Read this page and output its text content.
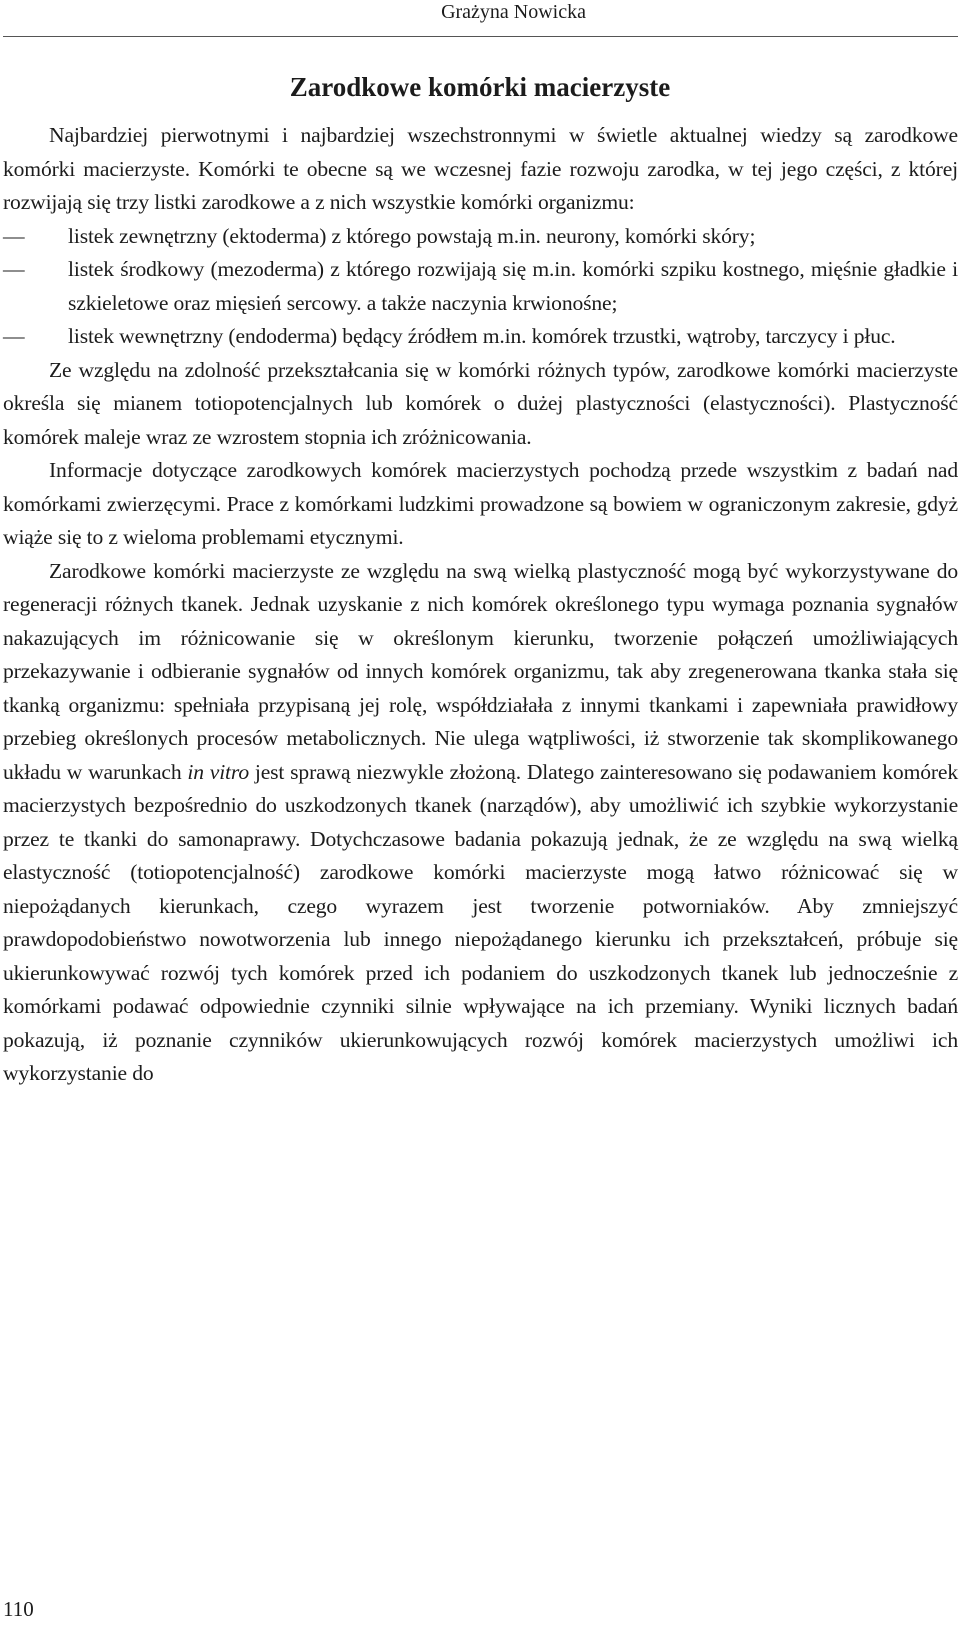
Grażyna Nowicka
Zarodkowe komórki macierzyste

Najbardziej pierwotnymi i najbardziej wszechstronnymi w świetle aktualnej wiedzy są zarodkowe komórki macierzyste. Komórki te obecne są we wczesnej fazie rozwoju zarodka, w tej jego części, z której rozwijają się trzy listki zarodkowe a z nich wszystkie komórki organizmu:

— listek zewnętrzny (ektoderma) z którego powstają m.in. neurony, komórki skóry;
— listek środkowy (mezoderma) z którego rozwijają się m.in. komórki szpiku kostnego, mięśnie gładkie i szkieletowe oraz mięsień sercowy. a także naczynia krwionośne;
— listek wewnętrzny (endoderma) będący źródłem m.in. komórek trzustki, wątroby, tarczycy i płuc.

Ze względu na zdolność przekształcania się w komórki różnych typów, zarodkowe komórki macierzyste określa się mianem totiopotencjalnych lub komórek o dużej plastyczności (elastyczności). Plastyczność komórek maleje wraz ze wzrostem stopnia ich zróżnicowania.

Informacje dotyczące zarodkowych komórek macierzystych pochodzą przede wszystkim z badań nad komórkami zwierzęcymi. Prace z komórkami ludzkimi prowadzone są bowiem w ograniczonym zakresie, gdyż wiąże się to z wieloma problemami etycznymi.

Zarodkowe komórki macierzyste ze względu na swą wielką plastyczność mogą być wykorzystywane do regeneracji różnych tkanek. Jednak uzyskanie z nich komórek określonego typu wymaga poznania sygnałów nakazujących im różnicowanie się w określonym kierunku, tworzenie połączeń umożliwiających przekazywanie i odbieranie sygnałów od innych komórek organizmu, tak aby zregenerowana tkanka stała się tkanką organizmu: spełniała przypisaną jej rolę, współdziałała z innymi tkankami i zapewniała prawidłowy przebieg określonych procesów metabolicznych. Nie ulega wątpliwości, iż stworzenie tak skomplikowanego układu w warunkach in vitro jest sprawą niezwykle złożoną. Dlatego zainteresowano się podawaniem komórek macierzystych bezpośrednio do uszkodzonych tkanek (narządów), aby umożliwić ich szybkie wykorzystanie przez te tkanki do samonaprawy. Dotychczasowe badania pokazują jednak, że ze względu na swą wielką elastyczność (totiopotencjalność) zarodkowe komórki macierzyste mogą łatwo różnicować się w niepożądanych kierunkach, czego wyrazem jest tworzenie potworniaków. Aby zmniejszyć prawdopodobieństwo nowotworzenia lub innego niepożądanego kierunku ich przekształceń, próbuje się ukierunkowywać rozwój tych komórek przed ich podaniem do uszkodzonych tkanek lub jednocześnie z komórkami podawać odpowiednie czynniki silnie wpływające na ich przemiany. Wyniki licznych badań pokazują, iż poznanie czynników ukierunkowujących rozwój komórek macierzystych umożliwi ich wykorzystanie do

110
